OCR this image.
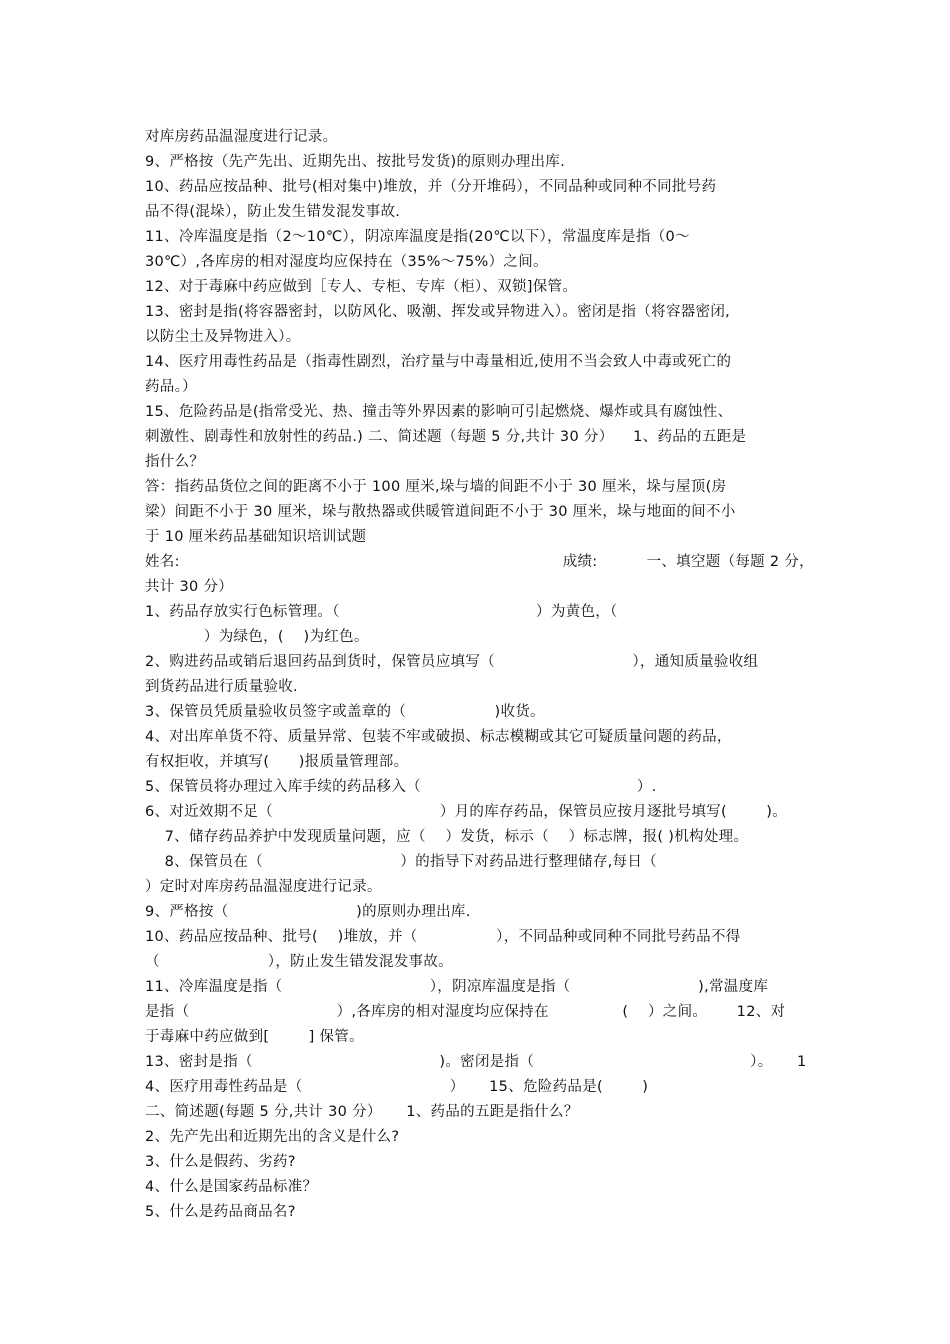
对库房药品温湿度进行记录。
9、严格按（先产先出、近期先出、按批号发货)的原则办理出库.
10、药品应按品种、批号(相对集中)堆放，并（分开堆码），不同品种或同种不同批号药
品不得(混垛），防止发生错发混发事故.
11、冷库温度是指（2～10℃），阴凉库温度是指(20℃以下），常温度库是指（0～
30℃）,各库房的相对湿度均应保持在（35%～75%）之间。
12、对于毒麻中药应做到［专人、专柜、专库（柜）、双锁]保管。
13、密封是指(将容器密封，以防风化、吸潮、挥发或异物进入）。密闭是指（将容器密闭,
以防尘土及异物进入）。
14、医疗用毒性药品是（指毒性剧烈，治疗量与中毒量相近,使用不当会致人中毒或死亡的
药品。）
15、危险药品是(指常受光、热、撞击等外界因素的影响可引起燃烧、爆炸或具有腐蚀性、
刺激性、剧毒性和放射性的药品.) 二、简述题（每题 5 分,共计 30 分）    1、药品的五距是
指什么？
答：指药品货位之间的距离不小于 100 厘米,垛与墙的间距不小于 30 厘米，垛与屋顶(房
梁）间距不小于 30 厘米，垛与散热器或供暖管道间距不小于 30 厘米，垛与地面的间不小
于 10 厘米药品基础知识培训试题
姓名:                                                                              成绩:          一、填空题（每题 2 分，
共计 30 分）
1、药品存放实行色标管理。（                                        ）为黄色，（
）为绿色，(    )为红色。
2、购进药品或销后退回药品到货时，保管员应填写（                            ），通知质量验收组
到货药品进行质量验收.
3、保管员凭质量验收员签字或盖章的（                  )收货。
4、对出库单货不符、质量异常、包装不牢或破损、标志模糊或其它可疑质量问题的药品，
有权拒收，并填写(      )报质量管理部。
5、保管员将办理过入库手续的药品移入（                                            ）.
6、对近效期不足（                                  ）月的库存药品，保管员应按月逐批号填写(        )。
7、储存药品养护中发现质量问题，应（    ）发货，标示（    ）标志牌，报( )机构处理。
8、保管员在（                            ）的指导下对药品进行整理储存,每日（
）定时对库房药品温湿度进行记录。
9、严格按（                          )的原则办理出库.
10、药品应按品种、批号(    )堆放，并（                ），不同品种或同种不同批号药品不得
（                      ），防止发生错发混发事故。
11、冷库温度是指（                              ），阴凉库温度是指（                          ),常温度库
是指（                              ）,各库房的相对湿度均应保持在               (    ）之间。      12、对
于毒麻中药应做到[        ] 保管。
13、密封是指（                                      )。密闭是指（                                            ）。     1
4、医疗用毒性药品是（                              ）     15、危险药品是(        )
二、简述题(每题 5 分,共计 30 分）     1、药品的五距是指什么？
2、先产先出和近期先出的含义是什么?
3、什么是假药、劣药?
4、什么是国家药品标准？
5、什么是药品商品名?
